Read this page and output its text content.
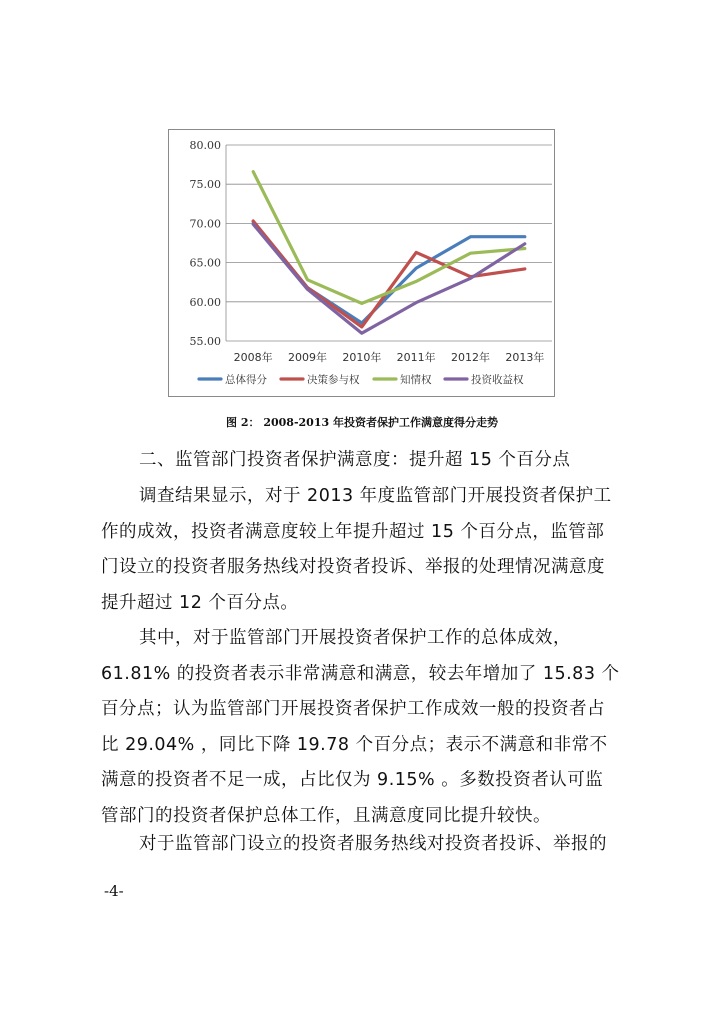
55.00
60.00
65.00
70.00
75.00
80.00
2008年 2009年 2010年 2011年 2012年 2013年
总体得分	决策参与权	知情权	投资收益权
图 2： 2008-2013 年投资者保护工作满意度得分走势
二、监管部门投资者保护满意度：提升超 15 个百分点
调查结果显示，对于 2013 年度监管部门开展投资者保护工
作的成效，投资者满意度较上年提升超过 15 个百分点，监管部
门设立的投资者服务热线对投资者投诉、举报的处理情况满意度
提升超过 12 个百分点。
其中，对于监管部门开展投资者保护工作的总体成效，
61.81% 的投资者表示非常满意和满意，较去年增加了 15.83 个
百分点；认为监管部门开展投资者保护工作成效一般的投资者占
比 29.04% ，同比下降 19.78 个百分点；表示不满意和非常不
满意的投资者不足一成，占比仅为 9.15% 。多数投资者认可监
管部门的投资者保护总体工作，且满意度同比提升较快。
对于监管部门设立的投资者服务热线对投资者投诉、举报的
-4-
